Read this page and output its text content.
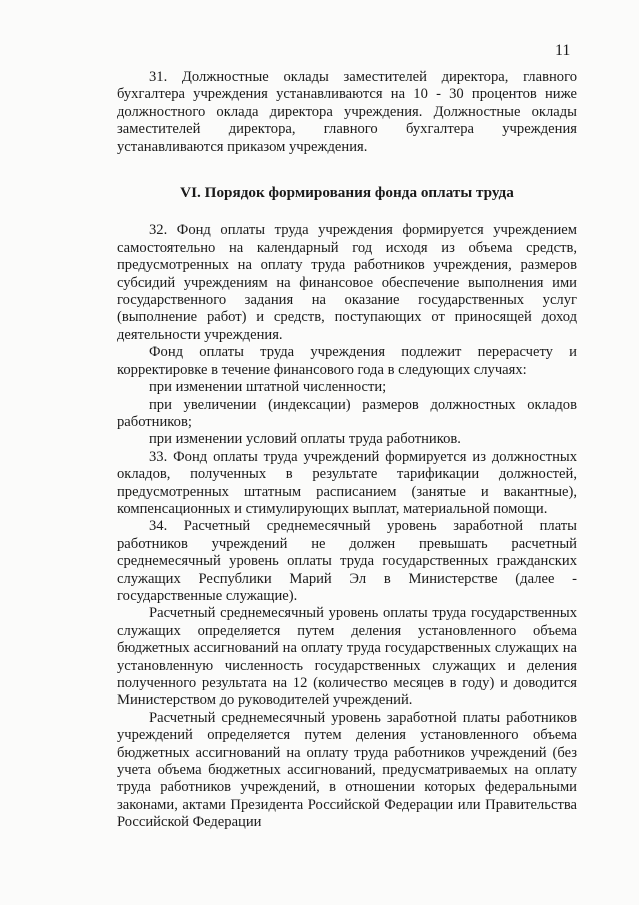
11

31. Должностные оклады заместителей директора, главного бухгалтера учреждения устанавливаются на 10 - 30 процентов ниже должностного оклада директора учреждения. Должностные оклады заместителей директора, главного бухгалтера учреждения устанавливаются приказом учреждения.

VI. Порядок формирования фонда оплаты труда

32. Фонд оплаты труда учреждения формируется учреждением самостоятельно на календарный год исходя из объема средств, предусмотренных на оплату труда работников учреждения, размеров субсидий учреждениям на финансовое обеспечение выполнения ими государственного задания на оказание государственных услуг (выполнение работ) и средств, поступающих от приносящей доход деятельности учреждения.

Фонд оплаты труда учреждения подлежит перерасчету и корректировке в течение финансового года в следующих случаях:

при изменении штатной численности;

при увеличении (индексации) размеров должностных окладов работников;

при изменении условий оплаты труда работников.

33. Фонд оплаты труда учреждений формируется из должностных окладов, полученных в результате тарификации должностей, предусмотренных штатным расписанием (занятые и вакантные), компенсационных и стимулирующих выплат, материальной помощи.

34. Расчетный среднемесячный уровень заработной платы работников учреждений не должен превышать расчетный среднемесячный уровень оплаты труда государственных гражданских служащих Республики Марий Эл в Министерстве (далее - государственные служащие).

Расчетный среднемесячный уровень оплаты труда государственных служащих определяется путем деления установленного объема бюджетных ассигнований на оплату труда государственных служащих на установленную численность государственных служащих и деления полученного результата на 12 (количество месяцев в году) и доводится Министерством до руководителей учреждений.

Расчетный среднемесячный уровень заработной платы работников учреждений определяется путем деления установленного объема бюджетных ассигнований на оплату труда работников учреждений (без учета объема бюджетных ассигнований, предусматриваемых на оплату труда работников учреждений, в отношении которых федеральными законами, актами Президента Российской Федерации или Правительства Российской Федерации
